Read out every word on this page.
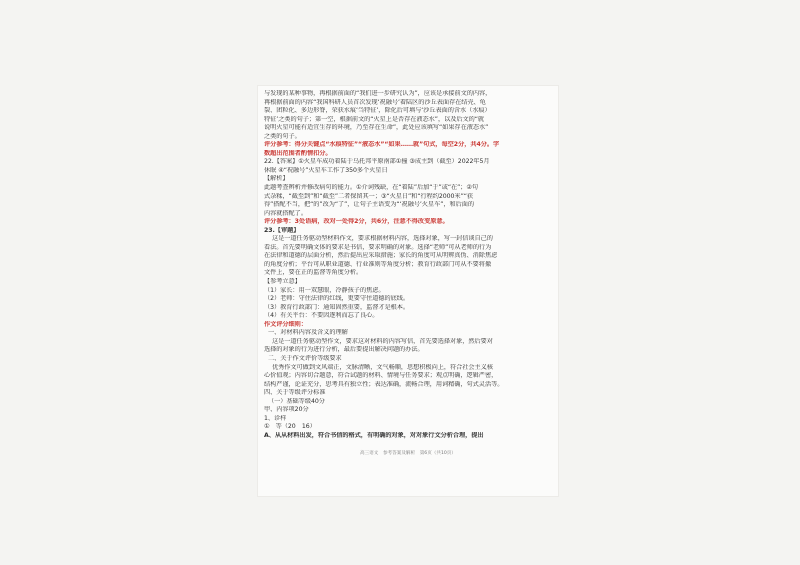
与发现的某种事物，再根据前面的“我们进一步研究认为”，应该是承接前文的内容，
再根据前面的内容“我国科研人员首次发现‘祝融号’着陆区的沙丘表面存在结壳、龟
裂、团粒化、多边形脊，荣获水痕‘刍特征’，除化后可填与‘沙丘表面的含水（水痕）
特征’之类的句子；第一空，根据前文的“火星上是否存在液态水”，以及后文的“就
说明火星可能有适宜生存的环境，乃至存在生命”，此处应该填写“如果存在液态水”
之类的句子。
评分参考：得分关键点“水痕特征”“液态水”“如果……就”句式，每空2分，共4分。字
数超出范围者酌情扣分。
22.【答案】①火星车成功着陆于乌托邦平原南部①撞 ③成主到（截至）2022年5月
休眠 ④“祝融号”火星车工作了350多个火星日
【解析】
此题考查辨析并修改病句的能力。①介词残缺，在“着陆”后加“于”或“在”；②句
式杂糅，“截至到”和“截至”二者保留其一；③“火星日”和“行程约2000米”“获
得”搭配不当，把“的”改为“了”，让句子主语变为“‘祝融号’火星车”，和后面的
内容就搭配了。
评分参考：3处语病，改对一处得2分，共6分，注意不得改变原意。
23.【审题】
这是一道任务驱动型材料作文，要求根据材料内容，选择对象，写一封信谈自己的
看法。首先要明确文体的要求是书信，要求明确的对象。选择“老师”可从老师的行为
在法律和道德的层面分析，然后提出应采取措施；家长的角度可从明辨真伪、消除焦虑
的角度分析；平台可从职业道德、行业准则等角度分析；教育行政部门可从不要将撤
文件上，要在正的监督等角度分析。
【参考立意】
（1）家长：用一双慧眼，冷静孩子的焦虑。
（2）老师：守住法律的红线，更要守住道德的底线。
（3）教育行政部门：通知固然重要，监督才是根本。
（4）有关平台：不要因逐利而忘了良心。
作文评分细则：
一、对材料内容及含义的理解
这是一道任务驱动型作文，要求这对材料的内容写信，首先要选择对象，然后要对
选择的对象的行为进行分析，最后要提出解决问题的办法。
二、关于作文评价等级要求
优秀作文可做到文风端正，文脉清晰，文气畅顺，思想积极向上，符合社会主义核
心价值观；内容切合题意，符合试题的材料、情境与任务要求；观点明确，逻辑严密，
结构严谨，论证充分，思考具有独立性；表达准确，流畅合理，用词精确，句式灵活等。
四、关于等级评分标准
（一）基础等级40分
甲、内容项20分
1、诊样
①　等（20　16）
A、从从材料出发，符合书信的格式，有明确的对象，对对象行文分析合理，提出
高三语文　参考答案及解析　第6页（共10页）
